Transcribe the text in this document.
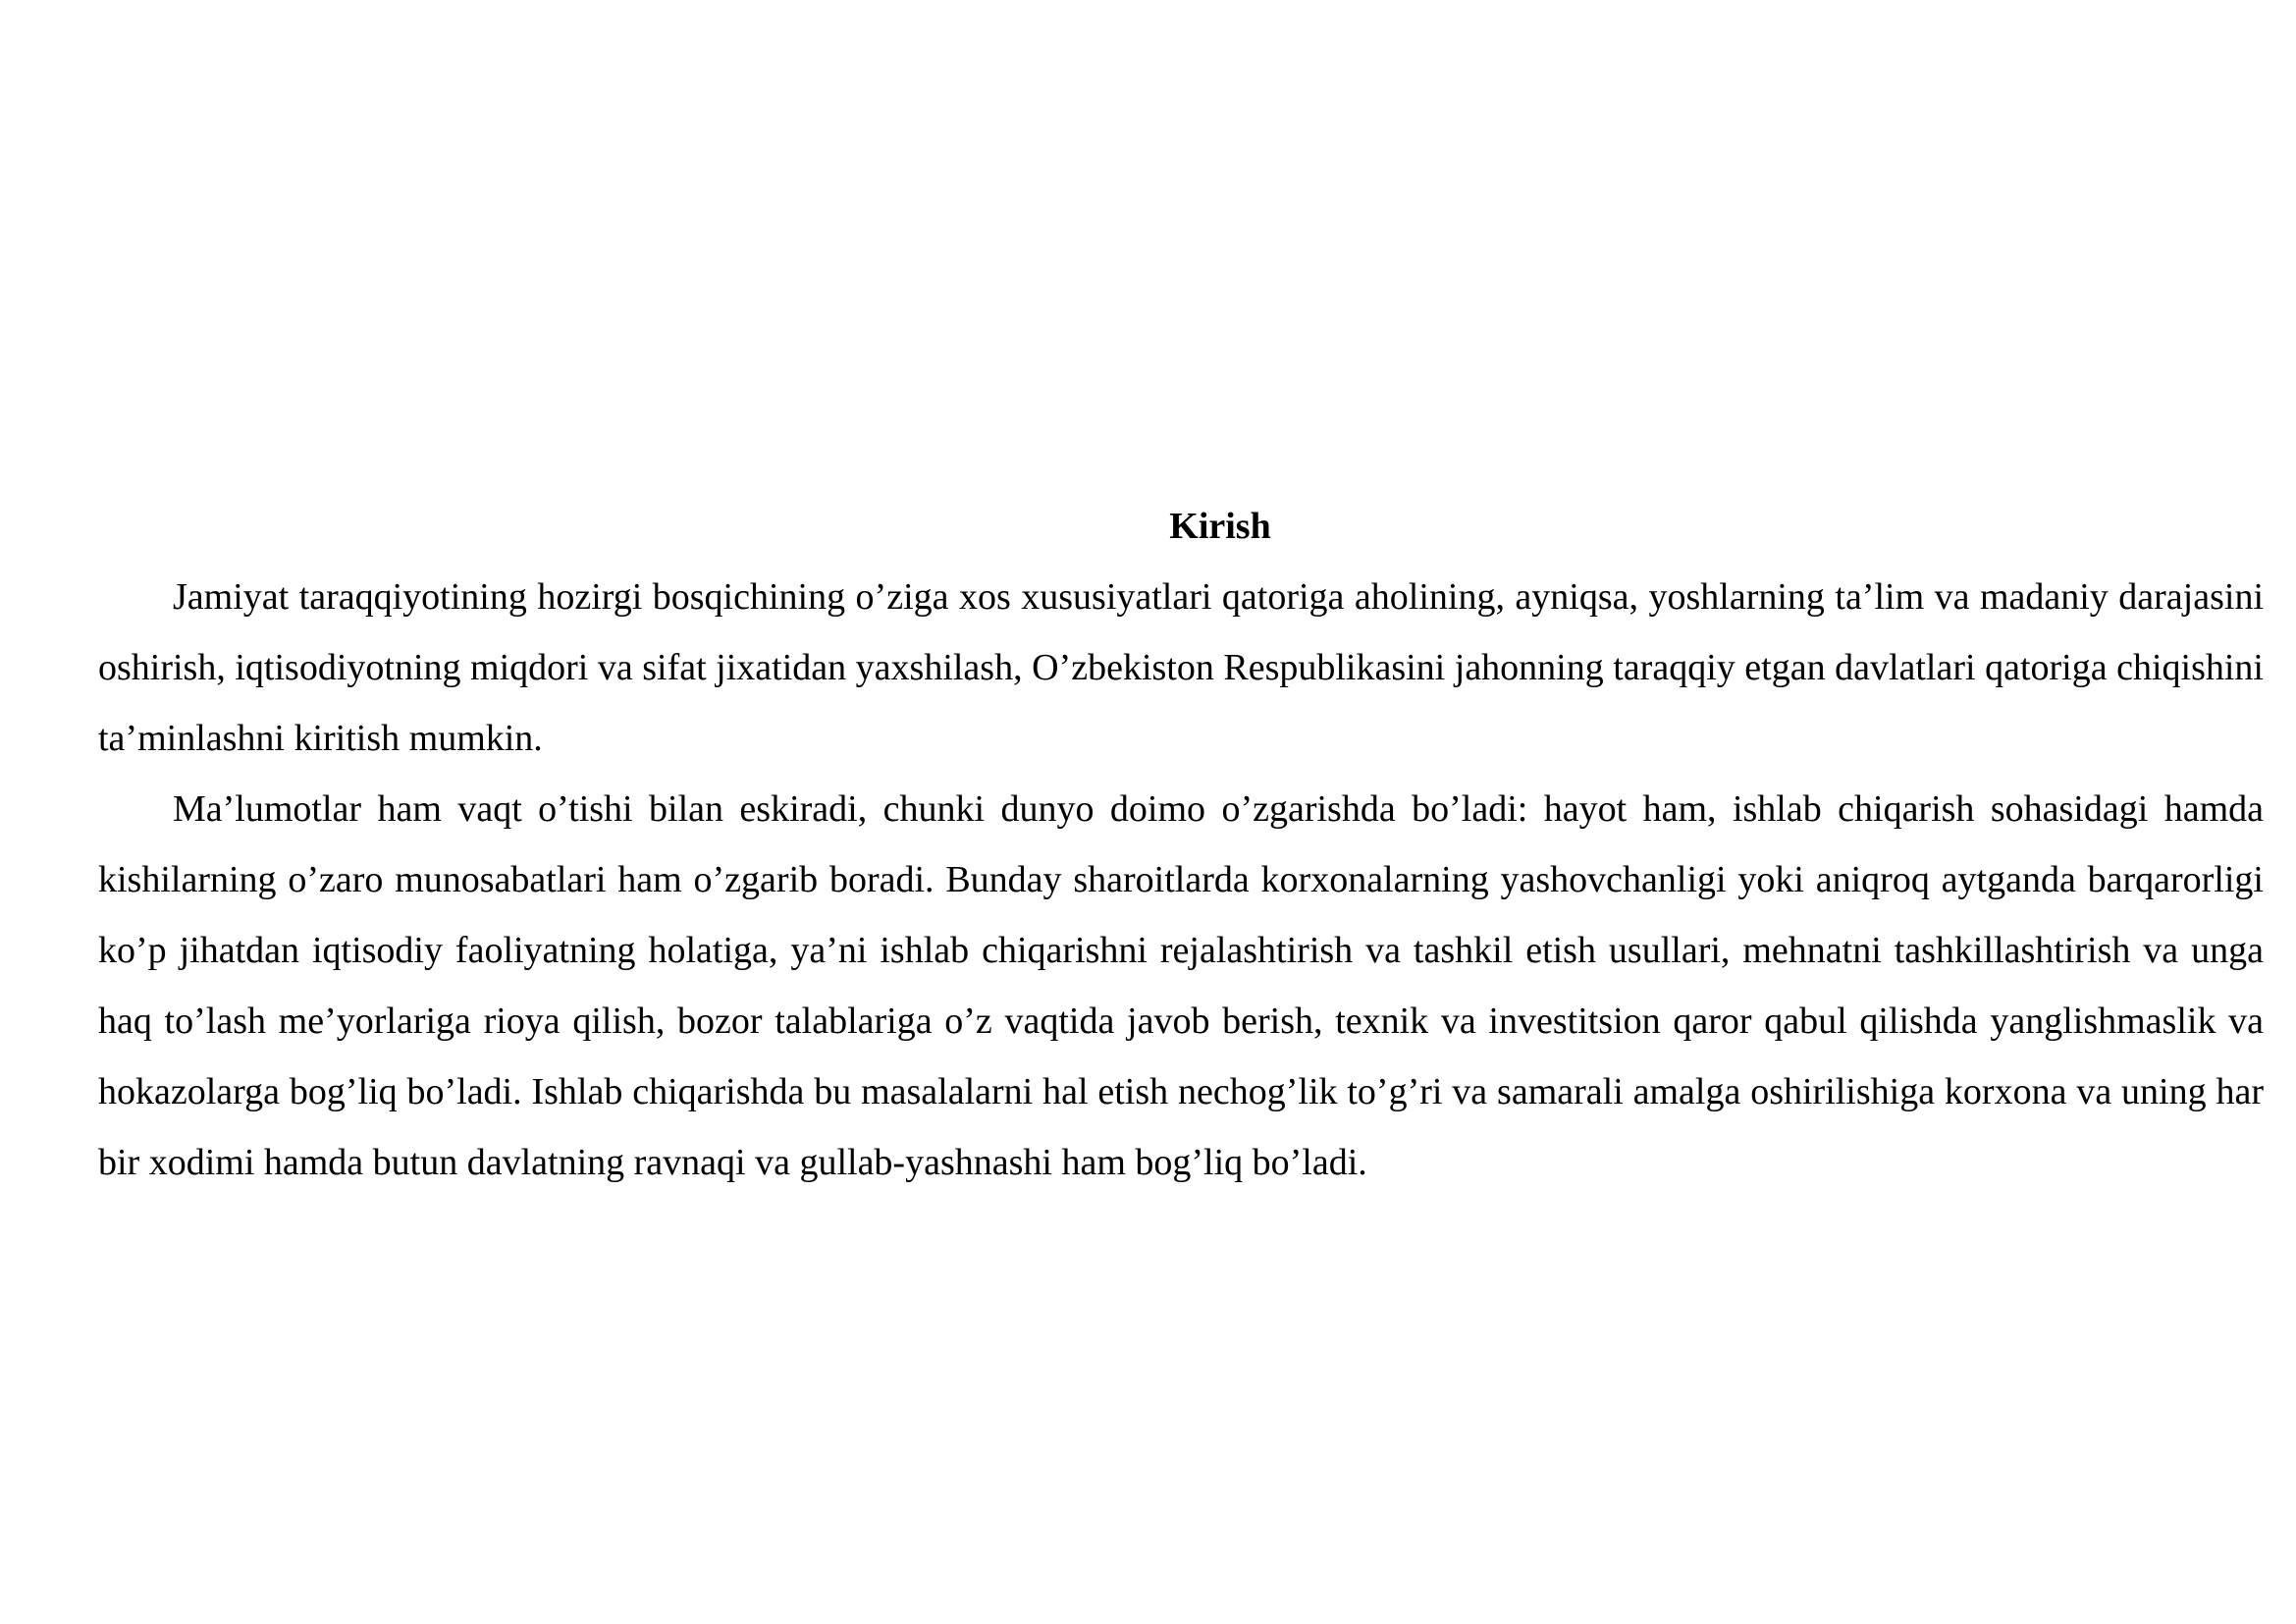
Kirish

Jamiyat taraqqiyotining hozirgi bosqichining o’ziga xos xususiyatlari qatoriga aholining, ayniqsa, yoshlarning ta’lim va madaniy darajasini oshirish, iqtisodiyotning miqdori va sifat jixatidan yaxshilash, O’zbekiston Respublikasini jahonning taraqqiy etgan davlatlari qatoriga chiqishini ta’minlashni kiritish mumkin.

Ma’lumotlar ham vaqt o’tishi bilan eskiradi, chunki dunyo doimo o’zgarishda bo’ladi: hayot ham, ishlab chiqarish sohasidagi hamda kishilarning o’zaro munosabatlari ham o’zgarib boradi. Bunday sharoitlarda korxonalarning yashovchanligi yoki aniqroq aytganda barqarorligi ko’p jihatdan iqtisodiy faoliyatning holatiga, ya’ni ishlab chiqarishni rejalashtirish va tashkil etish usullari, mehnatni tashkillashtirish va unga haq to’lash me’yorlariga rioya qilish, bozor talablariga o’z vaqtida javob berish, texnik va investitsion qaror qabul qilishda yanglishmaslik va hokazolarga bog’liq bo’ladi. Ishlab chiqarishda bu masalalarni hal etish nechog’lik to’g’ri va samarali amalga oshirilishiga korxona va uning har bir xodimi hamda butun davlatning ravnaqi va gullab-yashnashi ham bog’liq bo’ladi.
